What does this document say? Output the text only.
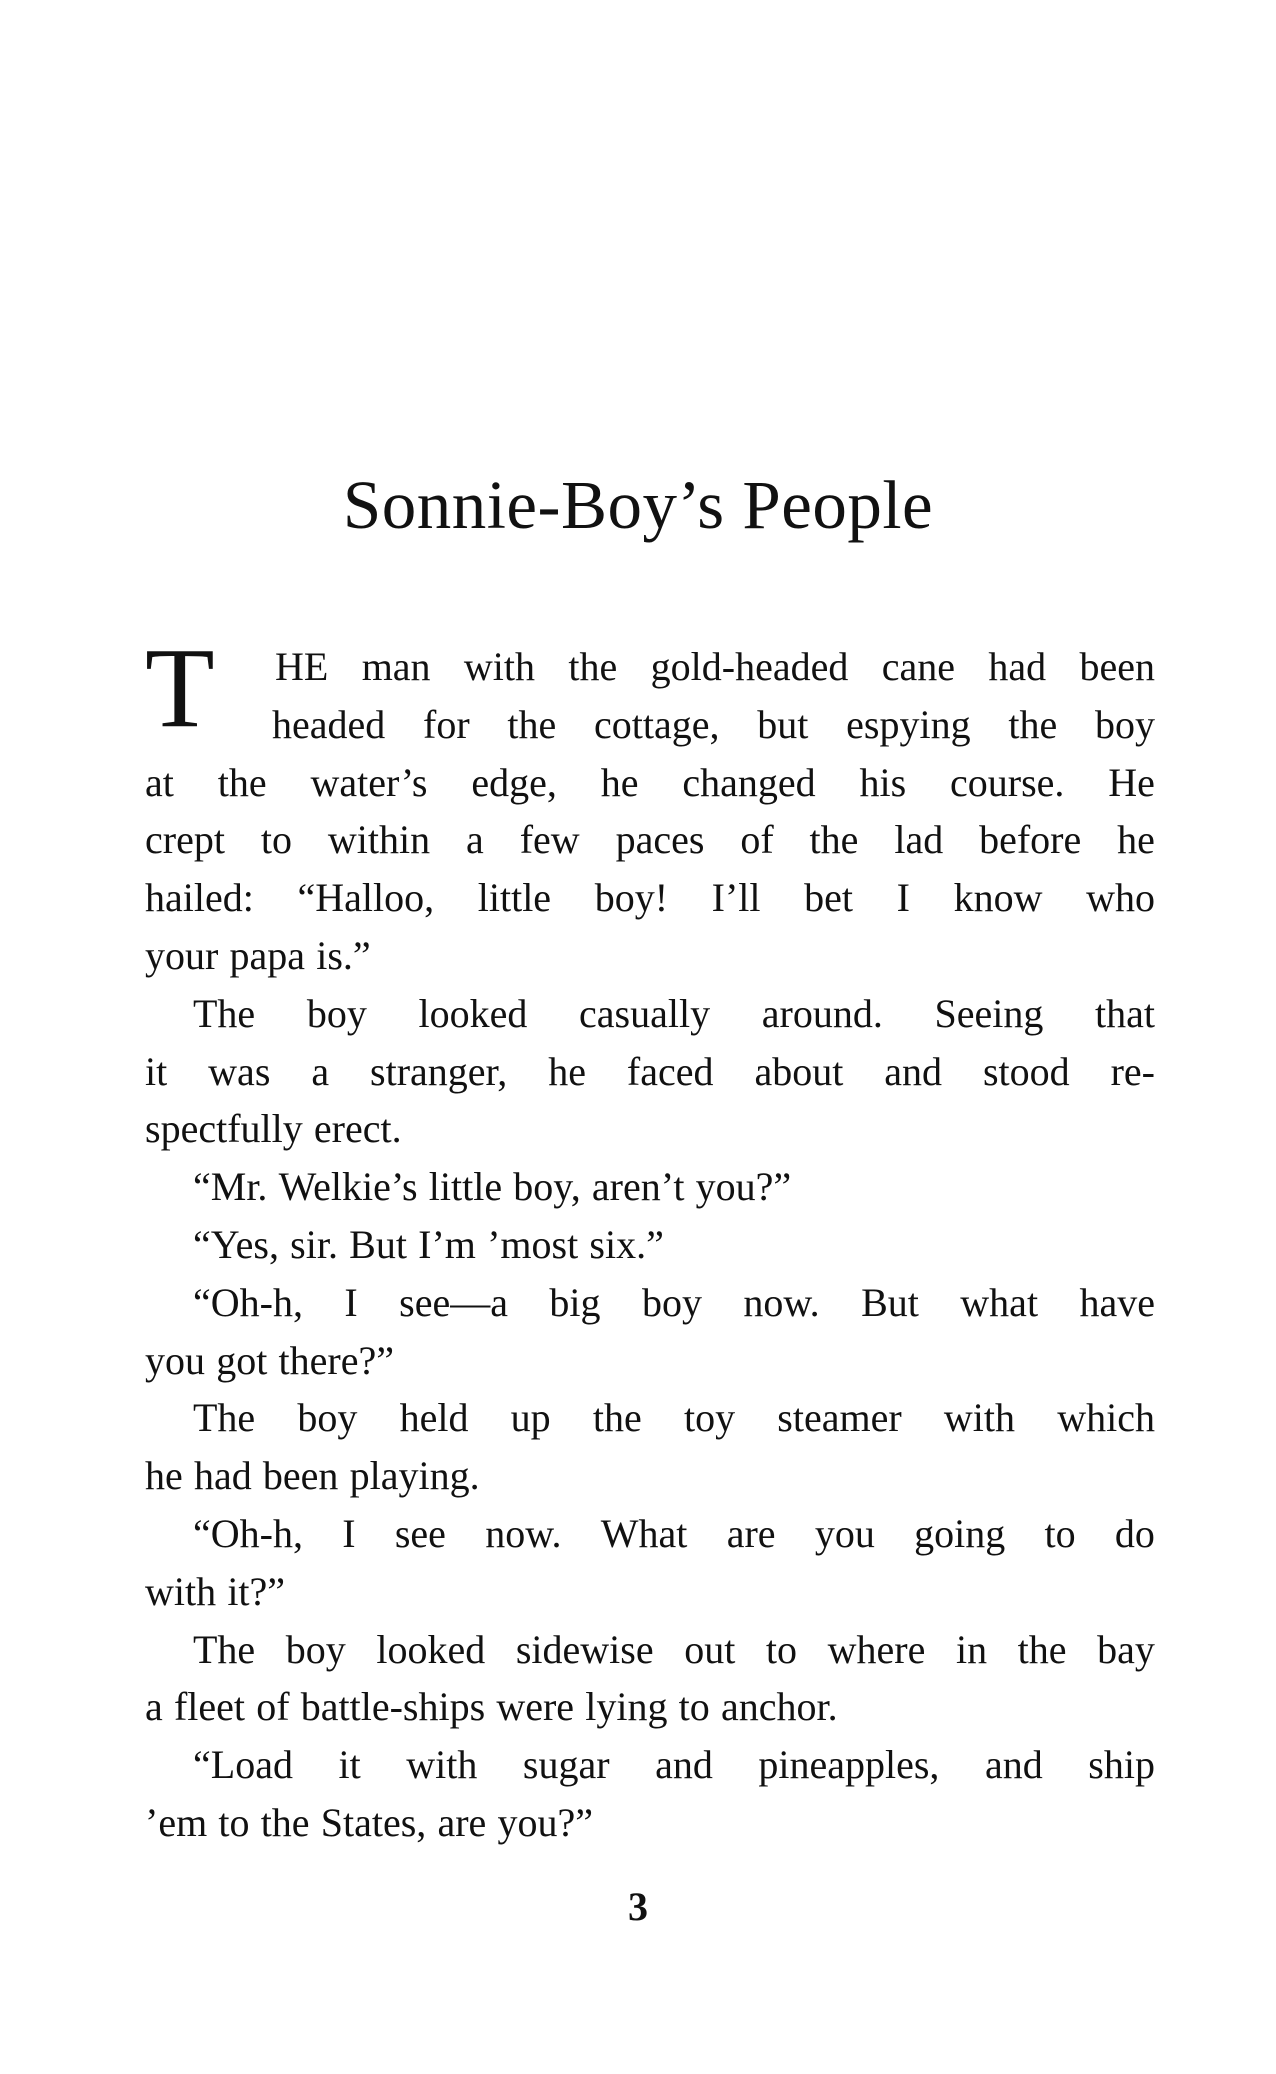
Sonnie-Boy’s People
T HE man with the gold-headed cane had been
headed for the cottage, but espying the boy
at the water’s edge, he changed his course. He
crept to within a few paces of the lad before he
hailed: “Halloo, little boy! I’ll bet I know who
your papa is.”
The boy looked casually around. Seeing that
it was a stranger, he faced about and stood re-
spectfully erect.
“Mr. Welkie’s little boy, aren’t you?”
“Yes, sir. But I’m ’most six.”
“Oh-h, I see—a big boy now. But what have
you got there?”
The boy held up the toy steamer with which
he had been playing.
“Oh-h, I see now. What are you going to do
with it?”
The boy looked sidewise out to where in the bay
a fleet of battle-ships were lying to anchor.
“Load it with sugar and pineapples, and ship
’em to the States, are you?”
3
